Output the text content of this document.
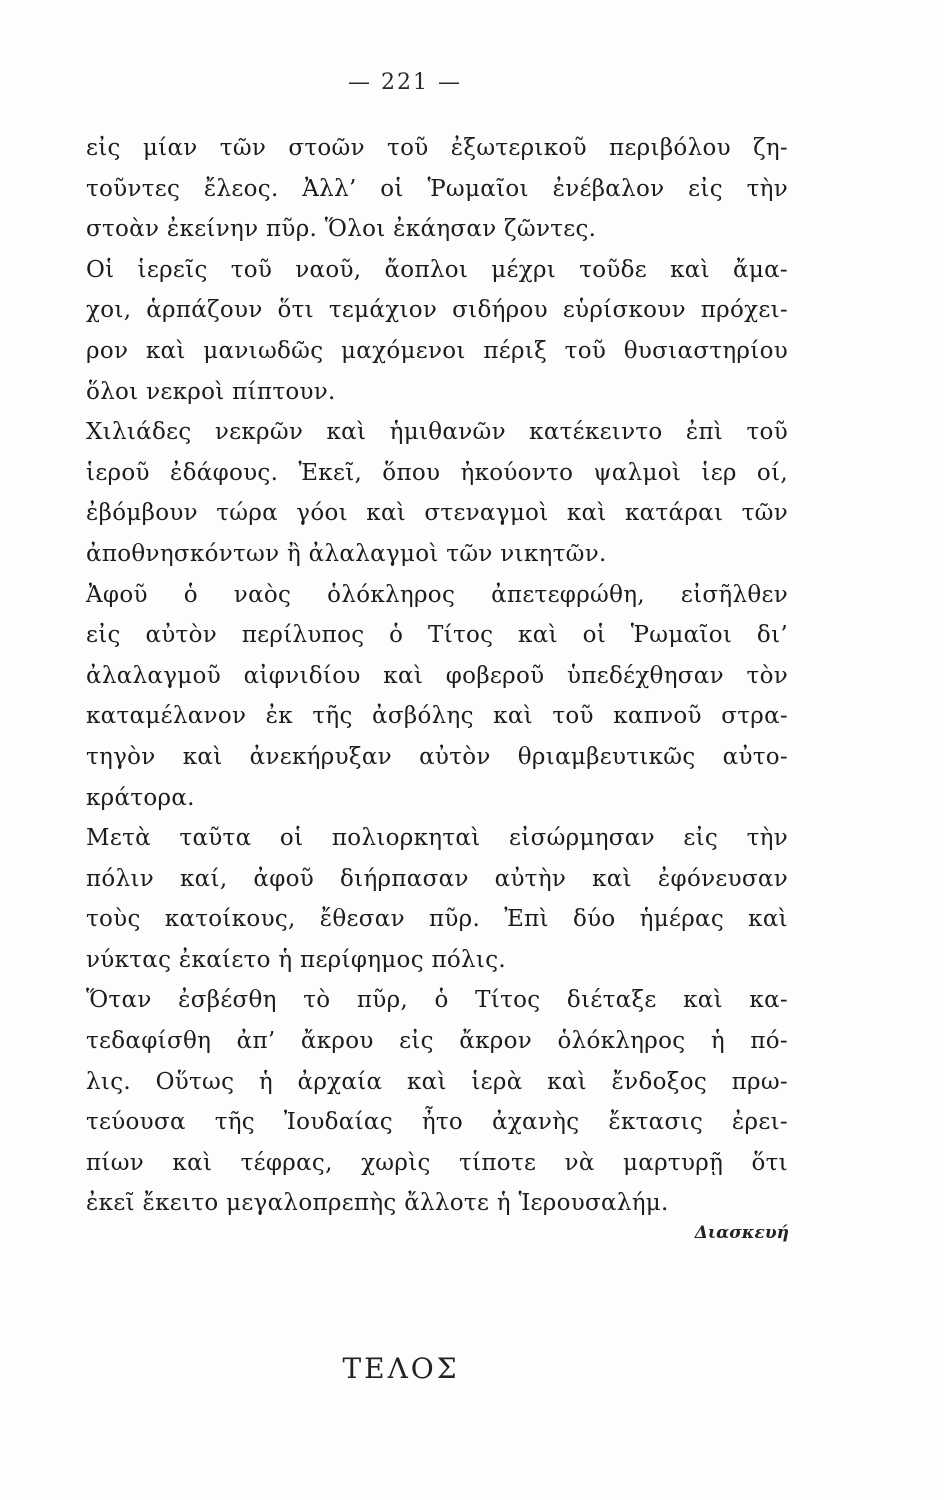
— 221 —
εἰς μίαν τῶν στοῶν τοῦ ἐξωτερικοῦ περιβόλου ζη-
τοῦντες ἔλεος. Ἀλλ’ οἱ Ῥωμαῖοι ἐνέβαλον εἰς τὴν
στοὰν ἐκείνην πῦρ. Ὅλοι ἐκάησαν ζῶντες.
Οἱ ἱερεῖς τοῦ ναοῦ, ἄοπλοι μέχρι τοῦδε καὶ ἄμα-
χοι, ἁρπάζουν ὅτι τεμάχιον σιδήρου εὑρίσκουν πρόχει-
ρον καὶ μανιωδῶς μαχόμενοι πέριξ τοῦ θυσιαστηρίου
ὅλοι νεκροὶ πίπτουν.
Χιλιάδες νεκρῶν καὶ ἡμιθανῶν κατέκειντο ἐπὶ τοῦ
ἱεροῦ ἐδάφους. Ἐκεῖ, ὅπου ἠκούοντο ψαλμοὶ ἱερ οί,
ἐβόμβουν τώρα γόοι καὶ στεναγμοὶ καὶ κατάραι τῶν
ἀποθνησκόντων ἢ ἀλαλαγμοὶ τῶν νικητῶν.
Ἀφοῦ ὁ ναὸς ὁλόκληρος ἀπετεφρώθη, εἰσῆλθεν
εἰς αὐτὸν περίλυπος ὁ Τίτος καὶ οἱ Ῥωμαῖοι δι’
ἀλαλαγμοῦ αἰφνιδίου καὶ φοβεροῦ ὑπεδέχθησαν τὸν
καταμέλανον ἐκ τῆς ἀσβόλης καὶ τοῦ καπνοῦ στρα-
τηγὸν καὶ ἀνεκήρυξαν αὐτὸν θριαμβευτικῶς αὐτο-
κράτορα.
Μετὰ ταῦτα οἱ πολιορκηταὶ εἰσώρμησαν εἰς τὴν
πόλιν καί, ἀφοῦ διήρπασαν αὐτὴν καὶ ἐφόνευσαν
τοὺς κατοίκους, ἔθεσαν πῦρ. Ἐπὶ δύο ἡμέρας καὶ
νύκτας ἐκαίετο ἡ περίφημος πόλις.
Ὅταν ἐσβέσθη τὸ πῦρ, ὁ Τίτος διέταξε καὶ κα-
τεδαφίσθη ἀπ’ ἄκρου εἰς ἄκρον ὁλόκληρος ἡ πό-
λις. Οὕτως ἡ ἀρχαία καὶ ἱερὰ καὶ ἔνδοξος πρω-
τεύουσα τῆς Ἰουδαίας ἦτο ἀχανὴς ἔκτασις ἐρει-
πίων καὶ τέφρας, χωρὶς τίποτε νὰ μαρτυρῇ ὅτι
ἐκεῖ ἔκειτο μεγαλοπρεπὴς ἄλλοτε ἡ Ἱερουσαλήμ.
Διασκευή
ΤΕΛΟΣ
